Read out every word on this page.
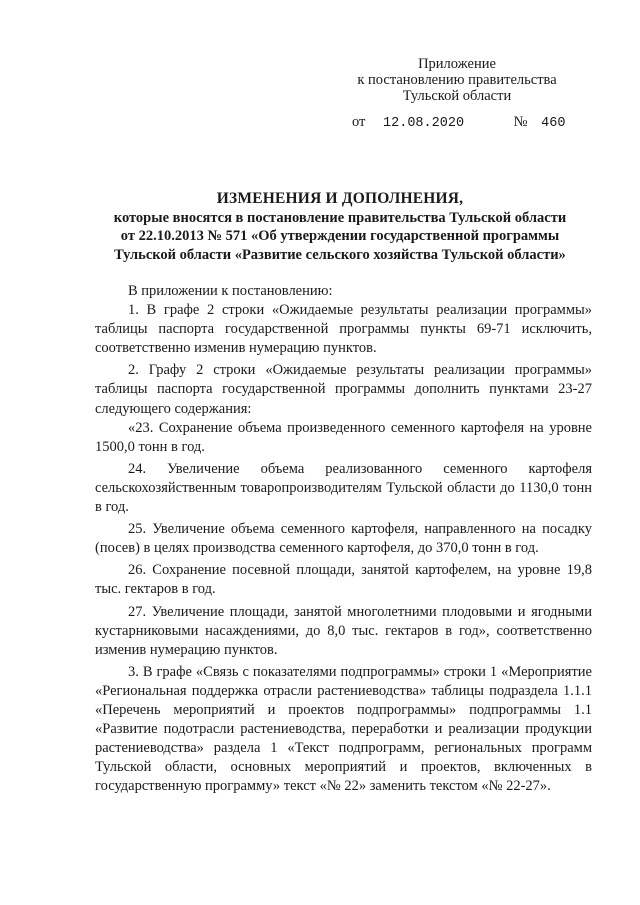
Приложение
к постановлению правительства
Тульской области
от 12.08.2020	№ 460
ИЗМЕНЕНИЯ И ДОПОЛНЕНИЯ,
которые вносятся в постановление правительства Тульской области
от 22.10.2013 № 571 «Об утверждении государственной программы
Тульской области «Развитие сельского хозяйства Тульской области»

В приложении к постановлению:

1. В графе 2 строки «Ожидаемые результаты реализации программы» таблицы паспорта государственной программы пункты 69-71 исключить, соответственно изменив нумерацию пунктов.

2. Графу 2 строки «Ожидаемые результаты реализации программы» таблицы паспорта государственной программы дополнить пунктами 23-27 следующего содержания:

«23. Сохранение объема произведенного семенного картофеля на уровне 1500,0 тонн в год.

24. Увеличение объема реализованного семенного картофеля сельскохозяйственным товаропроизводителям Тульской области до 1130,0 тонн в год.

25. Увеличение объема семенного картофеля, направленного на посадку (посев) в целях производства семенного картофеля, до 370,0 тонн в год.

26. Сохранение посевной площади, занятой картофелем, на уровне 19,8 тыс. гектаров в год.

27. Увеличение площади, занятой многолетними плодовыми и ягодными кустарниковыми насаждениями, до 8,0 тыс. гектаров в год», соответственно изменив нумерацию пунктов.

3. В графе «Связь с показателями подпрограммы» строки 1 «Мероприятие «Региональная поддержка отрасли растениеводства» таблицы подраздела 1.1.1 «Перечень мероприятий и проектов подпрограммы» подпрограммы 1.1 «Развитие подотрасли растениеводства, переработки и реализации продукции растениеводства» раздела 1 «Текст подпрограмм, региональных программ Тульской области, основных мероприятий и проектов, включенных в государственную программу» текст «№ 22» заменить текстом «№ 22-27».
